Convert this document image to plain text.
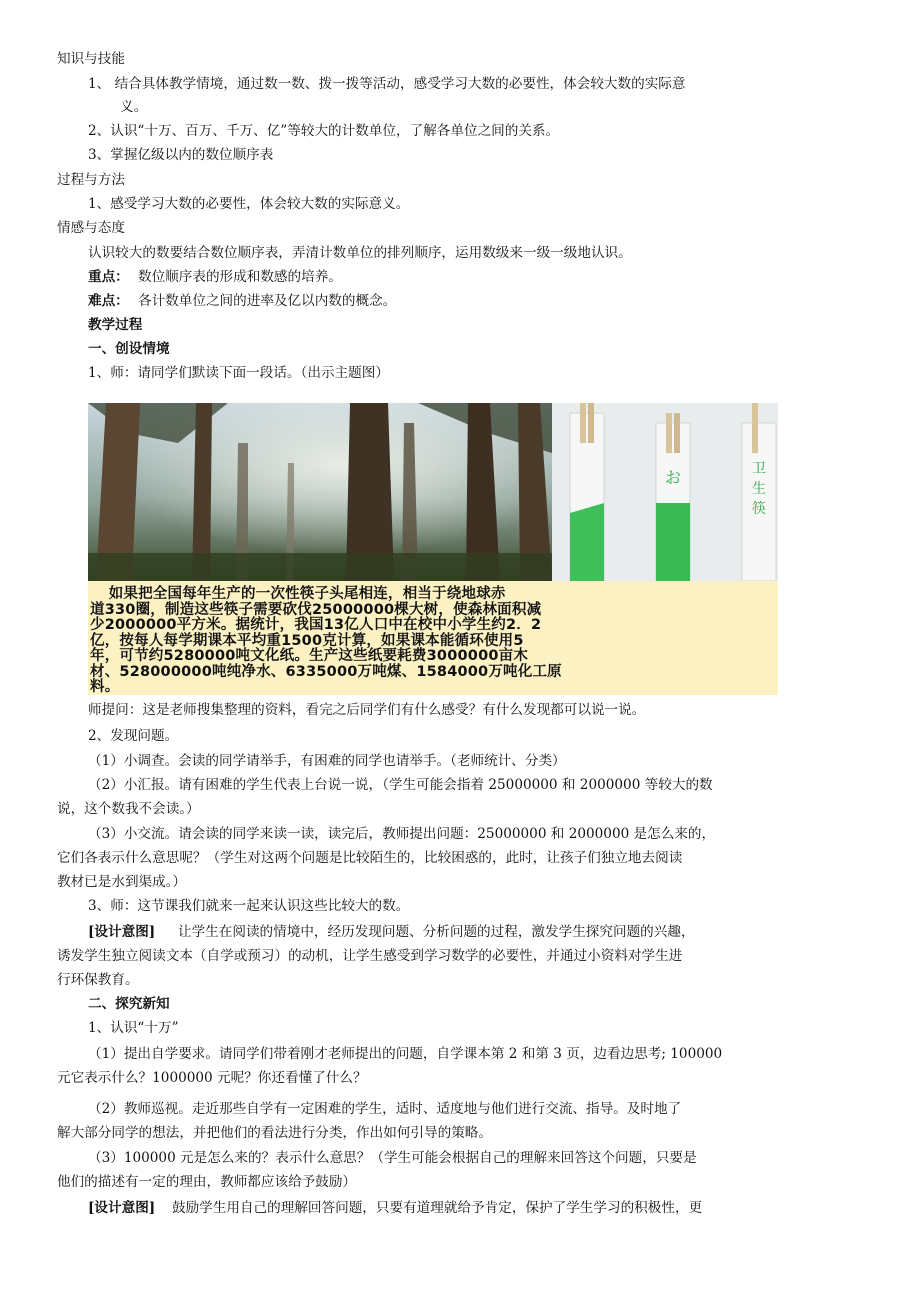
知识与技能
1、 结合具体教学情境，通过数一数、拨一拨等活动，感受学习大数的必要性，体会较大数的实际意
义。
2、认识“十万、百万、千万、亿”等较大的计数单位，了解各单位之间的关系。
3、掌握亿级以内的数位顺序表
过程与方法
1、感受学习大数的必要性，体会较大数的实际意义。
情感与态度
认识较大的数要结合数位顺序表，弄清计数单位的排列顺序，运用数级来一级一级地认识。
重点： 数位顺序表的形成和数感的培养。
难点： 各计数单位之间的进率及亿以内数的概念。
教学过程
一、创设情境
1、师：请同学们默读下面一段话。（出示主题图）
师提问：这是老师搜集整理的资料，看完之后同学们有什么感受？有什么发现都可以说一说。
2、发现问题。
（1）小调查。会读的同学请举手，有困难的同学也请举手。（老师统计、分类）
（2）小汇报。请有困难的学生代表上台说一说，（学生可能会指着 25000000 和 2000000 等较大的数
说，这个数我不会读。）
（3）小交流。请会读的同学来读一读，读完后，教师提出问题：25000000 和 2000000 是怎么来的，
它们各表示什么意思呢？（学生对这两个问题是比较陌生的，比较困惑的，此时，让孩子们独立地去阅读
教材已是水到渠成。）
3、师：这节课我们就来一起来认识这些比较大的数。
[设计意图] 让学生在阅读的情境中，经历发现问题、分析问题的过程，激发学生探究问题的兴趣，
诱发学生独立阅读文本（自学或预习）的动机，让学生感受到学习数学的必要性，并通过小资料对学生进
行环保教育。
二、探究新知
1、认识“十万”
（1）提出自学要求。请同学们带着刚才老师提出的问题，自学课本第 2 和第 3 页，边看边思考; 100000
元它表示什么？1000000 元呢？你还看懂了什么？
（2）教师巡视。走近那些自学有一定困难的学生，适时、适度地与他们进行交流、指导。及时地了
解大部分同学的想法，并把他们的看法进行分类，作出如何引导的策略。
（3）100000 元是怎么来的？表示什么意思？（学生可能会根据自己的理解来回答这个问题，只要是
他们的描述有一定的理由，教师都应该给予鼓励）
[设计意图] 鼓励学生用自己的理解回答问题，只要有道理就给予肯定，保护了学生学习的积极性，更
お	卫
生
筷
　如果把全国每年生产的一次性筷子头尾相连，相当于绕地球赤
道330圈，制造这些筷子需要砍伐25000000棵大树，使森林面积减
少2000000平方米。据统计，我国13亿人口中在校中小学生约2．2
亿，按每人每学期课本平均重1500克计算，如果课本能循环使用5
年，可节约5280000吨文化纸。生产这些纸要耗费3000000亩木
材、528000000吨纯净水、6335000万吨煤、1584000万吨化工原
料。
